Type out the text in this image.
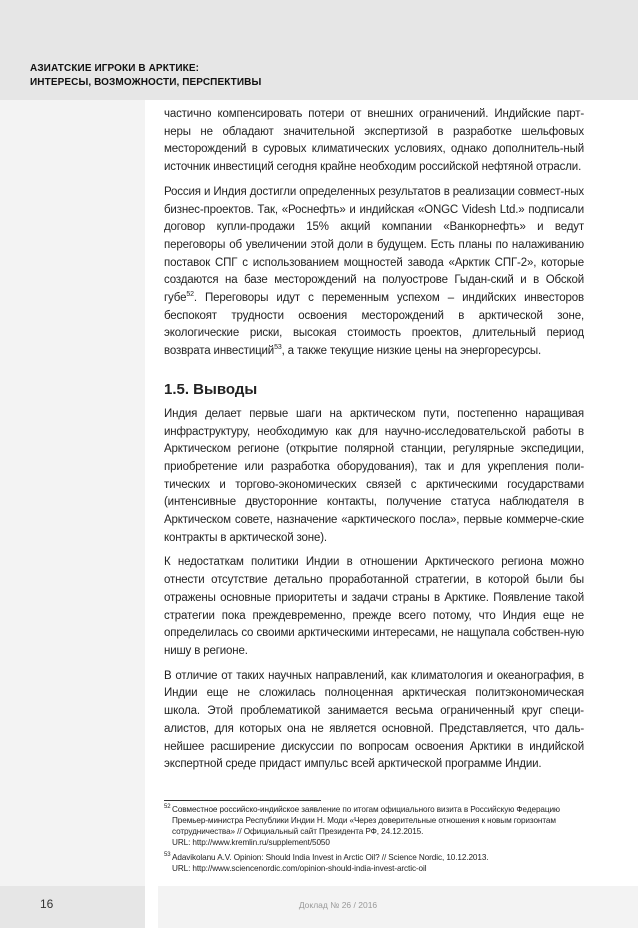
АЗИАТСКИЕ ИГРОКИ В АРКТИКЕ:
ИНТЕРЕСЫ, ВОЗМОЖНОСТИ, ПЕРСПЕКТИВЫ

частично компенсировать потери от внешних ограничений. Индийские парт-неры не обладают значительной экспертизой в разработке шельфовых месторождений в суровых климатических условиях, однако дополнитель-ный источник инвестиций сегодня крайне необходим российской нефтяной отрасли.

Россия и Индия достигли определенных результатов в реализации совмест-ных бизнес-проектов. Так, «Роснефть» и индийская «ONGC Videsh Ltd.» подписали договор купли-продажи 15% акций компании «Ванкорнефть» и ведут переговоры об увеличении этой доли в будущем. Есть планы по налаживанию поставок СПГ с использованием мощностей завода «Арктик СПГ-2», которые создаются на базе месторождений на полуострове Гыдан-ский и в Обской губе$^{52}$. Переговоры идут с переменным успехом – индийских инвесторов беспокоят трудности освоения месторождений в арктической зоне, экологические риски, высокая стоимость проектов, длительный период возврата инвестиций$^{53}$, а также текущие низкие цены на энергоресурсы.

1.5. Выводы

Индия делает первые шаги на арктическом пути, постепенно наращивая инфраструктуру, необходимую как для научно-исследовательской работы в Арктическом регионе (открытие полярной станции, регулярные экспедиции, приобретение или разработка оборудования), так и для укрепления поли-тических и торгово-экономических связей с арктическими государствами (интенсивные двусторонние контакты, получение статуса наблюдателя в Арктическом совете, назначение «арктического посла», первые коммерче-ские контракты в арктической зоне).

К недостаткам политики Индии в отношении Арктического региона можно отнести отсутствие детально проработанной стратегии, в которой были бы отражены основные приоритеты и задачи страны в Арктике. Появление такой стратегии пока преждевременно, прежде всего потому, что Индия еще не определилась со своими арктическими интересами, не нащупала собствен-ную нишу в регионе.

В отличие от таких научных направлений, как климатология и океанография, в Индии еще не сложилась полноценная арктическая политэкономическая школа. Этой проблематикой занимается весьма ограниченный круг специ-алистов, для которых она не является основной. Представляется, что даль-нейшее расширение дискуссии по вопросам освоения Арктики в индийской экспертной среде придаст импульс всей арктической программе Индии.

52 Совместное российско-индийское заявление по итогам официального визита в Российскую Федерацию
Премьер-министра Республики Индии Н. Моди «Через доверительные отношения к новым горизонтам
сотрудничества» // Официальный сайт Президента РФ, 24.12.2015.
URL: http://www.kremlin.ru/supplement/5050
53 Adavikolanu A.V. Opinion: Should India Invest in Arctic Oil? // Science Nordic, 10.12.2013.
URL: http://www.sciencenordic.com/opinion-should-india-invest-arctic-oil
16	Доклад № 26 / 2016
